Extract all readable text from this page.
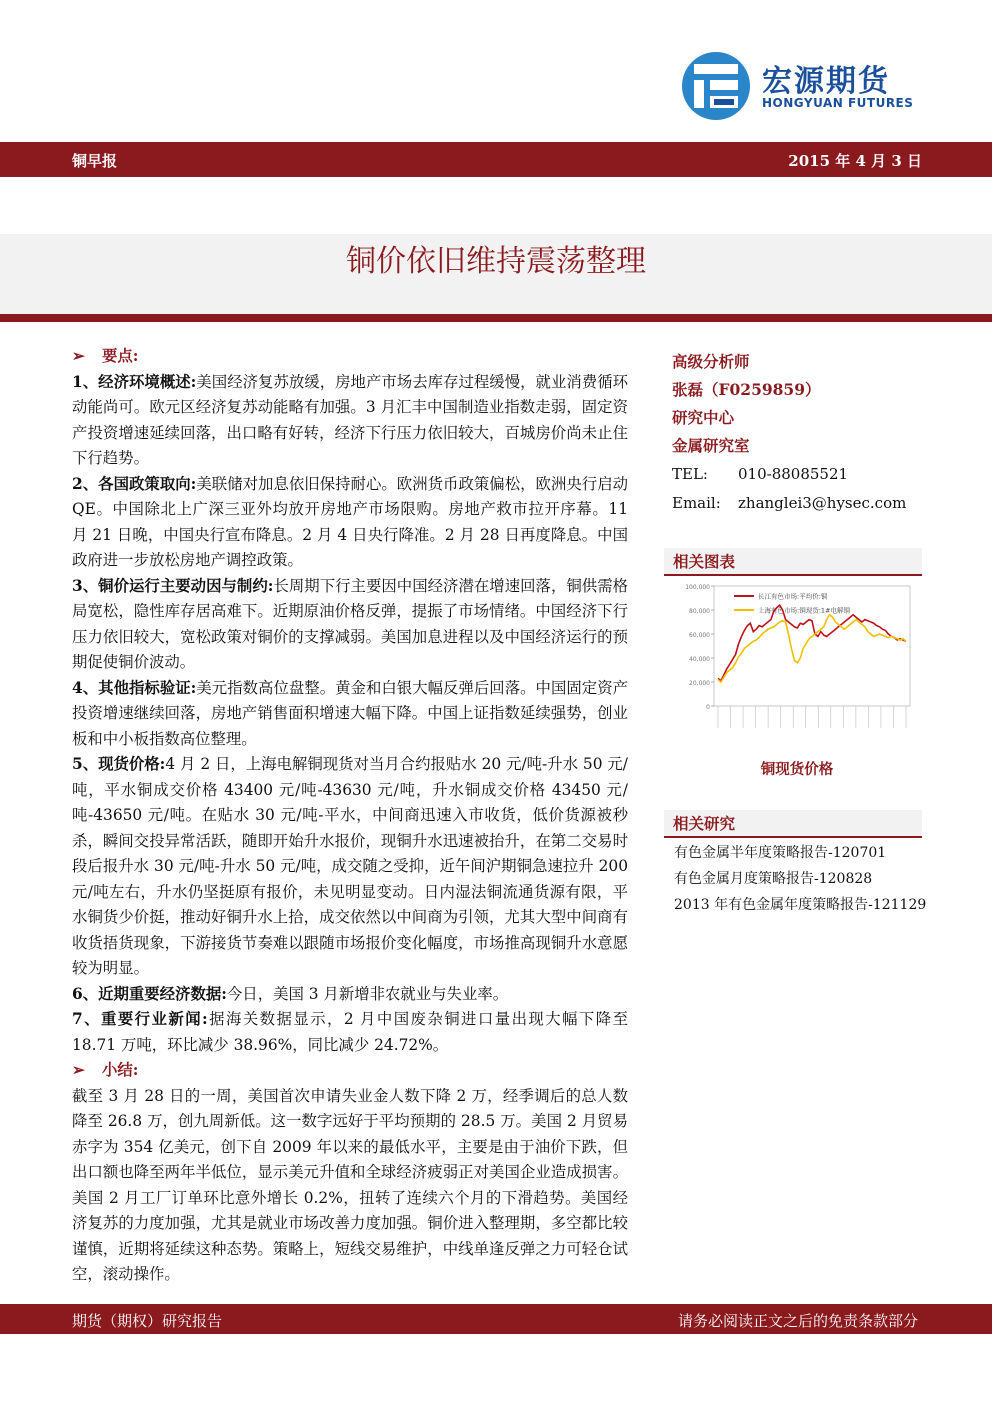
宏源期货
HONGYUAN FUTURES
铜早报	2015 年 4 月 3 日
铜价依旧维持震荡整理

➢ 要点:

1、经济环境概述:美国经济复苏放缓，房地产市场去库存过程缓慢，就业消费循环动能尚可。欧元区经济复苏动能略有加强。3 月汇丰中国制造业指数走弱，固定资产投资增速延续回落，出口略有好转，经济下行压力依旧较大，百城房价尚未止住下行趋势。

2、各国政策取向:美联储对加息依旧保持耐心。欧洲货币政策偏松，欧洲央行启动 QE。中国除北上广深三亚外均放开房地产市场限购。房地产救市拉开序幕。11 月 21 日晚，中国央行宣布降息。2 月 4 日央行降准。2 月 28 日再度降息。中国政府进一步放松房地产调控政策。

3、铜价运行主要动因与制约:长周期下行主要因中国经济潜在增速回落，铜供需格局宽松，隐性库存居高难下。近期原油价格反弹，提振了市场情绪。中国经济下行压力依旧较大，宽松政策对铜价的支撑减弱。美国加息进程以及中国经济运行的预期促使铜价波动。

4、其他指标验证:美元指数高位盘整。黄金和白银大幅反弹后回落。中国固定资产投资增速继续回落，房地产销售面积增速大幅下降。中国上证指数延续强势，创业板和中小板指数高位整理。

5、现货价格:4 月 2 日，上海电解铜现货对当月合约报贴水 20 元/吨-升水 50 元/吨，平水铜成交价格 43400 元/吨-43630 元/吨，升水铜成交价格 43450 元/吨-43650 元/吨。在贴水 30 元/吨-平水，中间商迅速入市收货，低价货源被秒杀，瞬间交投异常活跃，随即开始升水报价，现铜升水迅速被抬升，在第二交易时段后报升水 30 元/吨-升水 50 元/吨，成交随之受抑，近午间沪期铜急速拉升 200 元/吨左右，升水仍坚挺原有报价，未见明显变动。日内湿法铜流通货源有限，平水铜货少价挺，推动好铜升水上拾，成交依然以中间商为引领，尤其大型中间商有收货捂货现象，下游接货节奏难以跟随市场报价变化幅度，市场推高现铜升水意愿较为明显。

6、近期重要经济数据:今日，美国 3 月新增非农就业与失业率。

7、重要行业新闻:据海关数据显示，2 月中国废杂铜进口量出现大幅下降至 18.71 万吨，环比减少 38.96%，同比减少 24.72%。

➢ 小结:

截至 3 月 28 日的一周，美国首次申请失业金人数下降 2 万，经季调后的总人数降至 26.8 万，创九周新低。这一数字远好于平均预期的 28.5 万。美国 2 月贸易赤字为 354 亿美元，创下自 2009 年以来的最低水平，主要是由于油价下跌，但出口额也降至两年半低位，显示美元升值和全球经济疲弱正对美国企业造成损害。美国 2 月工厂订单环比意外增长 0.2%，扭转了连续六个月的下滑趋势。美国经济复苏的力度加强，尤其是就业市场改善力度加强。铜价进入整理期，多空都比较谨慎，近期将延续这种态势。策略上，短线交易维护，中线单逢反弹之力可轻仓试空，滚动操作。

高级分析师
张磊（F0259859）
研究中心
金属研究室
TEL: 010-88085521
Email: zhanglei3@hysec.com
相关图表
100,000
80,000
60,000
40,000
20,000
0
长江有色市场:平均价:铜
上海有色市场:铜现货:1#电解铜
铜现货价格
相关研究
有色金属半年度策略报告-120701
有色金属月度策略报告-120828
2013 年有色金属年度策略报告-121129
期货（期权）研究报告	请务必阅读正文之后的免责条款部分
